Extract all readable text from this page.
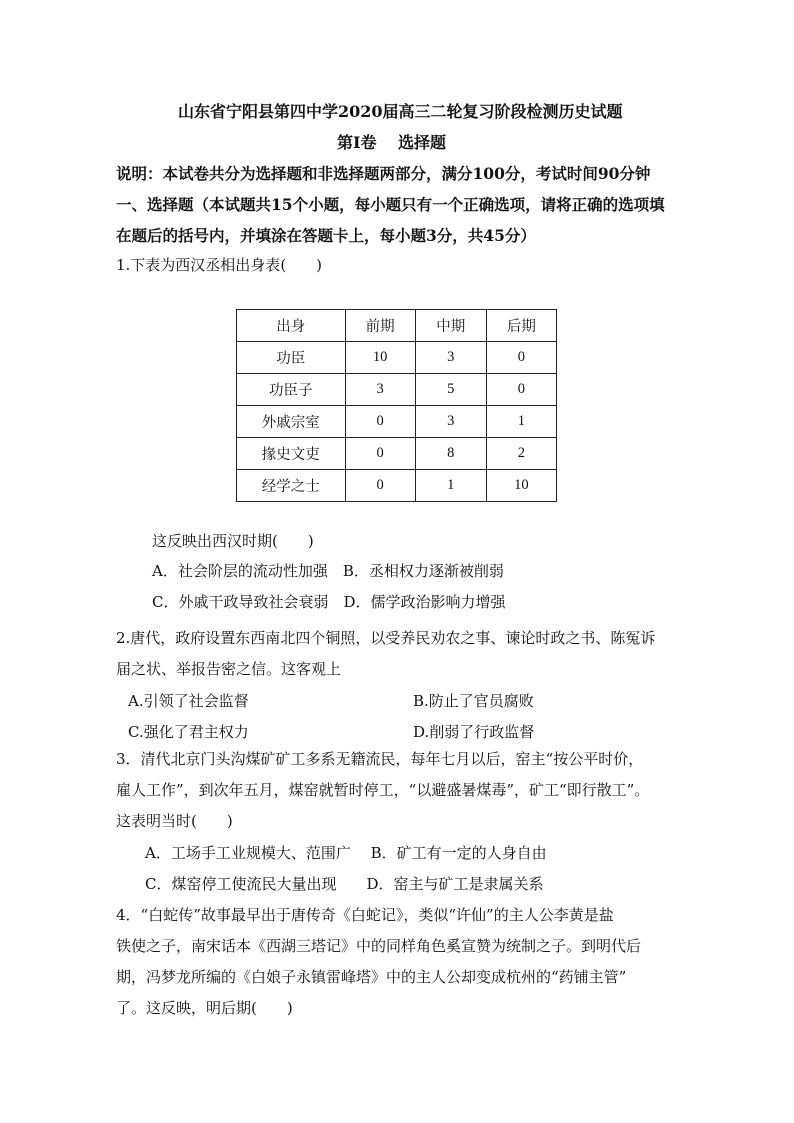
山东省宁阳县第四中学2020届高三二轮复习阶段检测历史试题
第Ⅰ卷　 选择题
说明：本试卷共分为选择题和非选择题两部分，满分100分，考试时间90分钟
一、选择题（本试题共15个小题，每小题只有一个正确选项，请将正确的选项填
在题后的括号内，并填涂在答题卡上，每小题3分，共45分）
1.下表为西汉丞相出身表(　　)
出身	前期	中期	后期
功臣	10	3	0
功臣子	3	5	0
外戚宗室	0	3	1
掾史文吏	0	8	2
经学之士	0	1	10
这反映出西汉时期(　　)
A．社会阶层的流动性加强　B．丞相权力逐渐被削弱
C．外戚干政导致社会衰弱　D．儒学政治影响力增强
2.唐代，政府设置东西南北四个铜照，以受养民劝农之事、谏论时政之书、陈冤诉
届之状、举报告密之信。这客观上
A.引领了社会监督	B.防止了官员腐败
C.强化了君主权力	D.削弱了行政监督
3．清代北京门头沟煤矿矿工多系无籍流民，每年七月以后，窑主“按公平时价，
雇人工作”，到次年五月，煤窑就暂时停工，“以避盛暑煤毒”，矿工“即行散工”。
这表明当时(　　)
A．工场手工业规模大、范围广　 B．矿工有一定的人身自由
C．煤窑停工使流民大量出现　　D．窑主与矿工是隶属关系
4．“白蛇传”故事最早出于唐传奇《白蛇记》，类似“许仙”的主人公李黄是盐
铁使之子，南宋话本《西湖三塔记》中的同样角色奚宣赞为统制之子。到明代后
期，冯梦龙所编的《白娘子永镇雷峰塔》中的主人公却变成杭州的“药铺主管”
了。这反映，明后期(　　)
